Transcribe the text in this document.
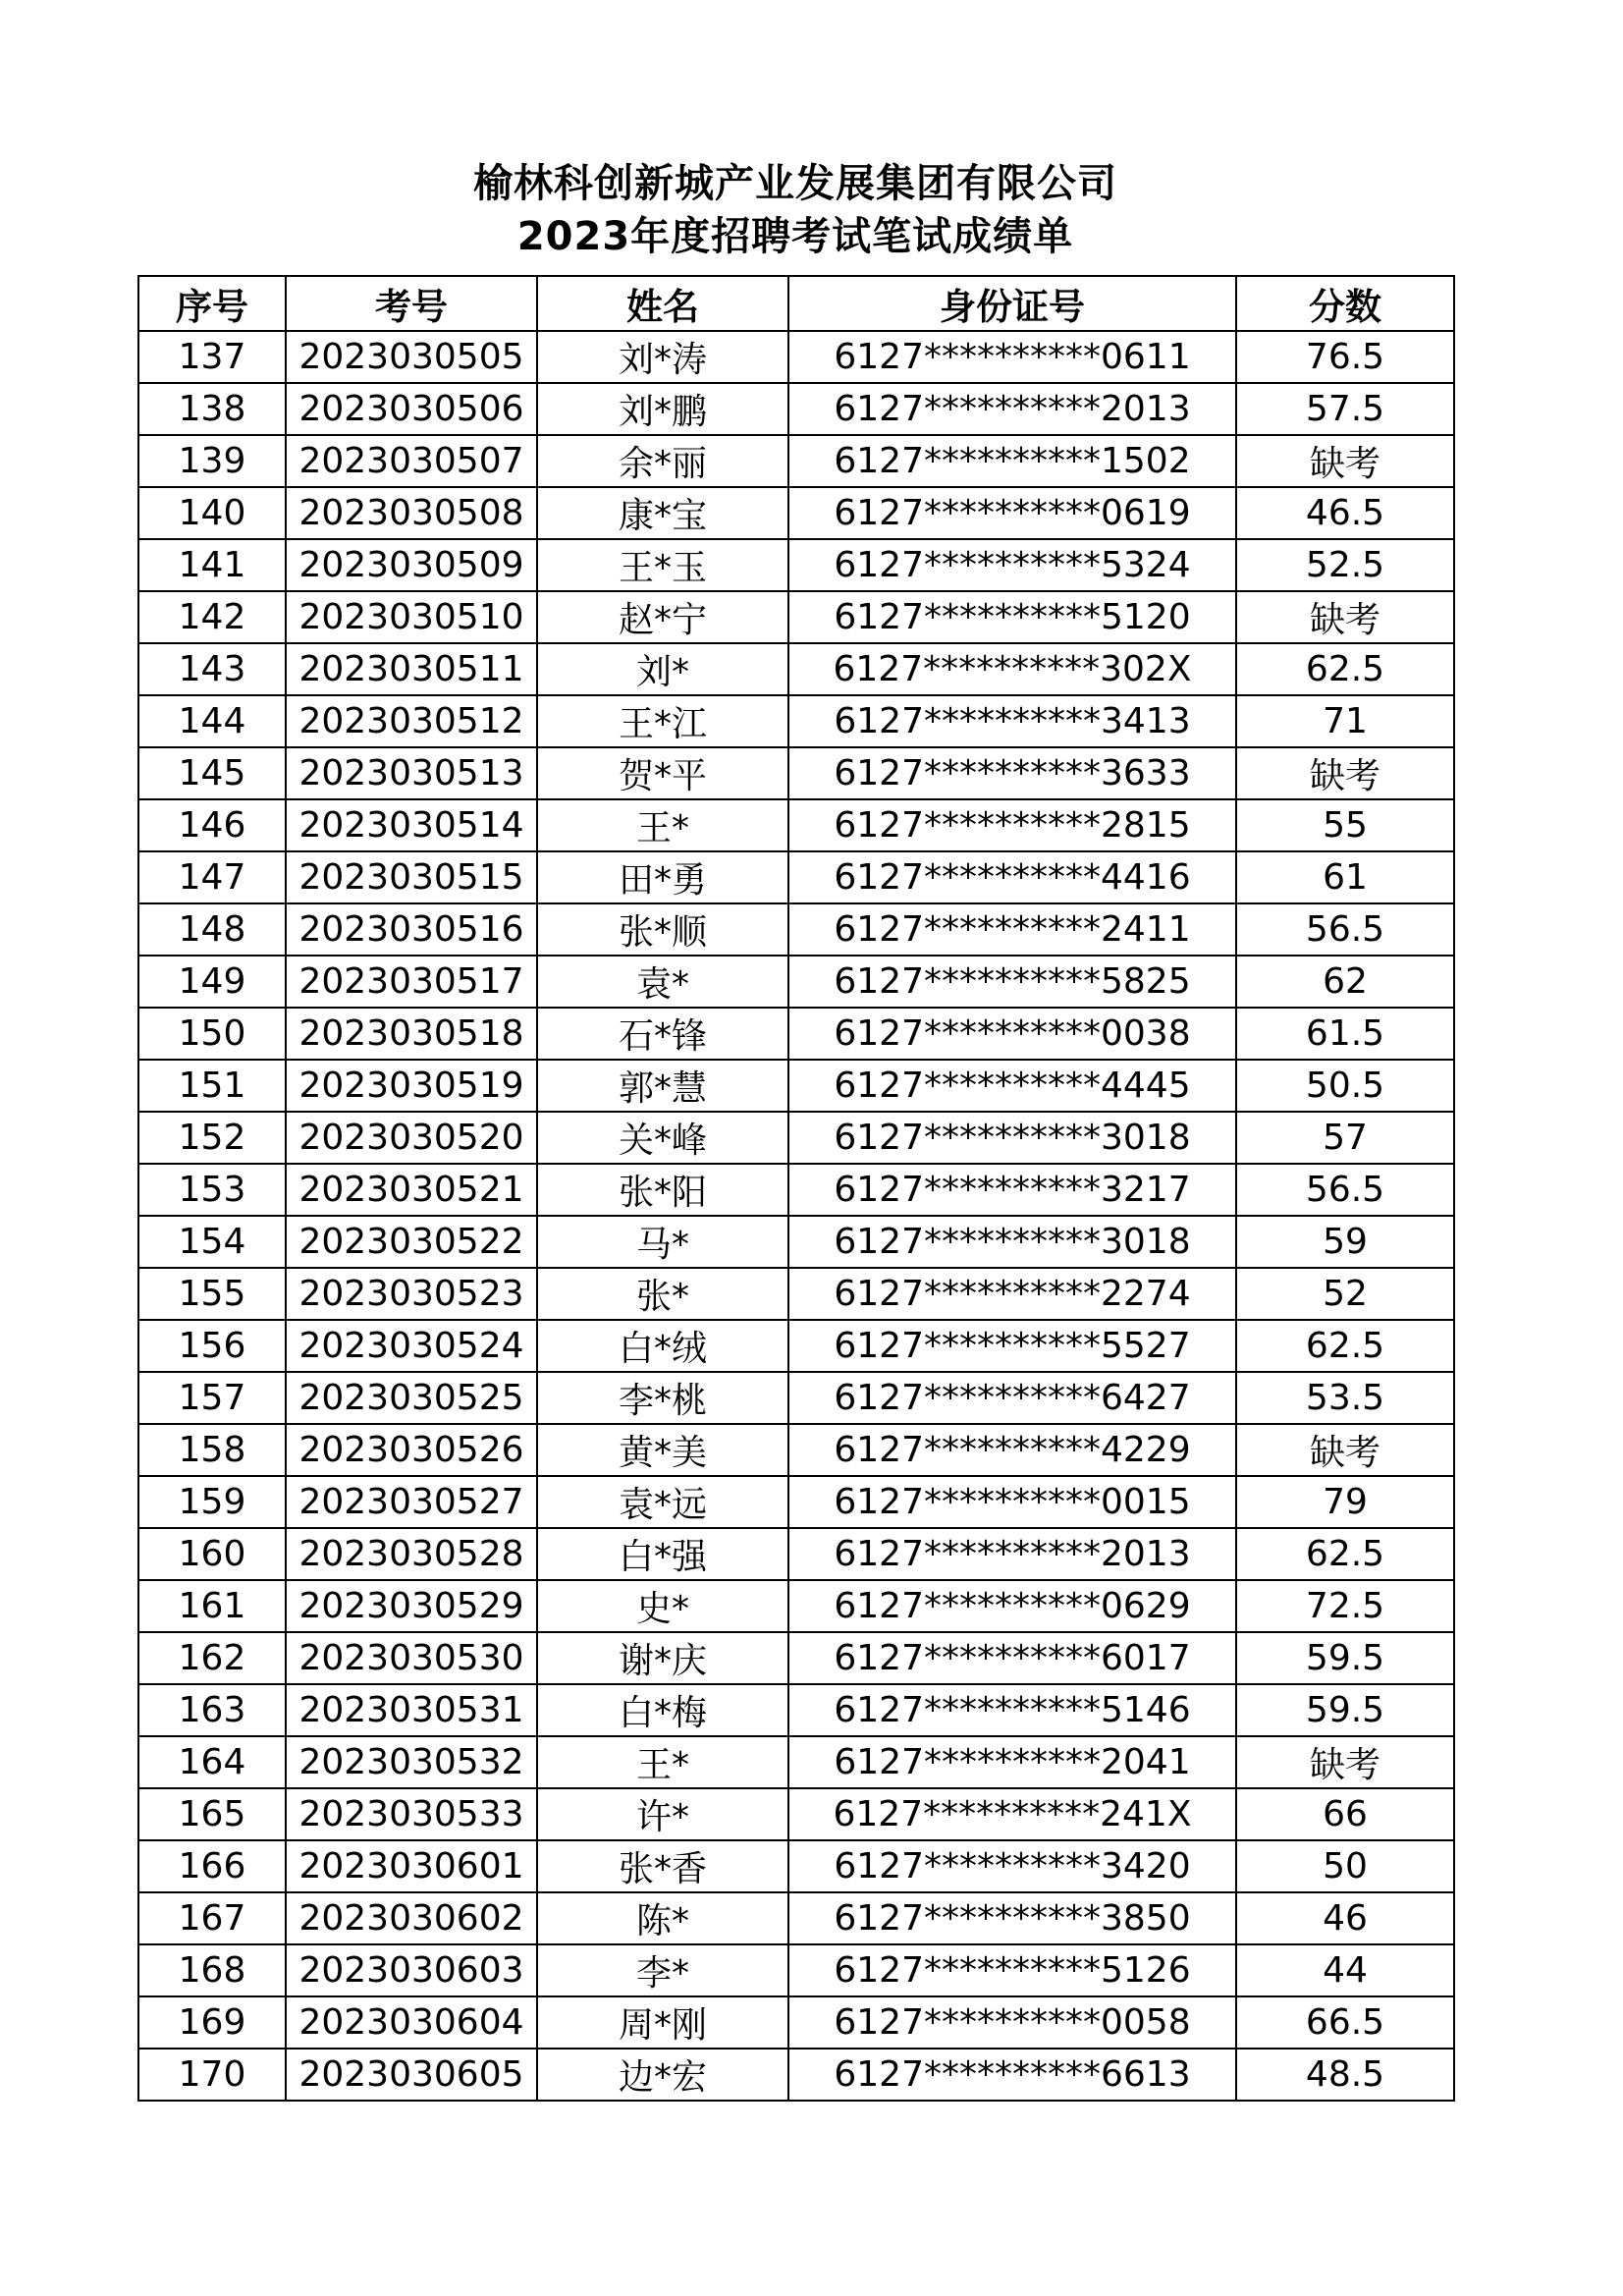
榆林科创新城产业发展集团有限公司
2023年度招聘考试笔试成绩单
序号	考号	姓名	身份证号	分数
137	2023030505	刘*涛	6127**********0611	76.5
138	2023030506	刘*鹏	6127**********2013	57.5
139	2023030507	余*丽	6127**********1502	缺考
140	2023030508	康*宝	6127**********0619	46.5
141	2023030509	王*玉	6127**********5324	52.5
142	2023030510	赵*宁	6127**********5120	缺考
143	2023030511	刘*	6127**********302X	62.5
144	2023030512	王*江	6127**********3413	71
145	2023030513	贺*平	6127**********3633	缺考
146	2023030514	王*	6127**********2815	55
147	2023030515	田*勇	6127**********4416	61
148	2023030516	张*顺	6127**********2411	56.5
149	2023030517	袁*	6127**********5825	62
150	2023030518	石*锋	6127**********0038	61.5
151	2023030519	郭*慧	6127**********4445	50.5
152	2023030520	关*峰	6127**********3018	57
153	2023030521	张*阳	6127**********3217	56.5
154	2023030522	马*	6127**********3018	59
155	2023030523	张*	6127**********2274	52
156	2023030524	白*绒	6127**********5527	62.5
157	2023030525	李*桃	6127**********6427	53.5
158	2023030526	黄*美	6127**********4229	缺考
159	2023030527	袁*远	6127**********0015	79
160	2023030528	白*强	6127**********2013	62.5
161	2023030529	史*	6127**********0629	72.5
162	2023030530	谢*庆	6127**********6017	59.5
163	2023030531	白*梅	6127**********5146	59.5
164	2023030532	王*	6127**********2041	缺考
165	2023030533	许*	6127**********241X	66
166	2023030601	张*香	6127**********3420	50
167	2023030602	陈*	6127**********3850	46
168	2023030603	李*	6127**********5126	44
169	2023030604	周*刚	6127**********0058	66.5
170	2023030605	边*宏	6127**********6613	48.5
